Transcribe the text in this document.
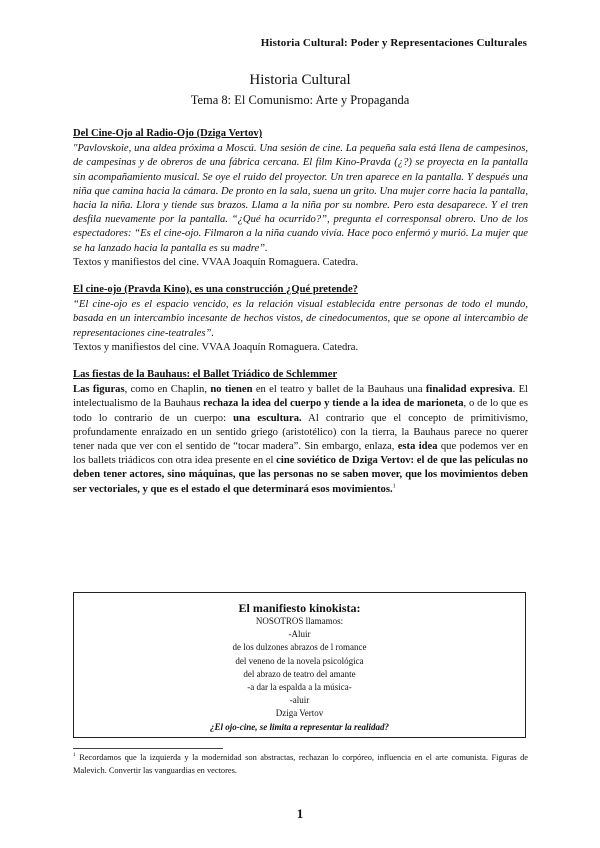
Historia Cultural: Poder y Representaciones Culturales
Historia Cultural
Tema 8: El Comunismo: Arte y Propaganda

Del Cine-Ojo al Radio-Ojo (Dziga Vertov)

"Pavlovskoie, una aldea próxima a Moscú. Una sesión de cine. La pequeña sala está llena de campesinos, de campesinas y de obreros de una fábrica cercana. El film Kino-Pravda (¿?) se proyecta en la pantalla sin acompañamiento musical. Se oye el ruido del proyector. Un tren aparece en la pantalla. Y después una niña que camina hacia la cámara. De pronto en la sala, suena un grito. Una mujer corre hacia la pantalla, hacia la niña. Llora y tiende sus brazos. Llama a la niña por su nombre. Pero esta desaparece. Y el tren desfila nuevamente por la pantalla. “¿Qué ha ocurrido?”, pregunta el corresponsal obrero. Uno de los espectadores: “Es el cine-ojo. Filmaron a la niña cuando vivía. Hace poco enfermó y murió. La mujer que se ha lanzado hacia la pantalla es su madre”.

Textos y manifiestos del cine. VVAA Joaquín Romaguera. Catedra.

El cine-ojo (Pravda Kino), es una construcción ¿Qué pretende?

“El cine-ojo es el espacio vencido, es la relación visual establecida entre personas de todo el mundo, basada en un intercambio incesante de hechos vistos, de cinedocumentos, que se opone al intercambio de representaciones cine-teatrales”.

Textos y manifiestos del cine. VVAA Joaquín Romaguera. Catedra.

Las fiestas de la Bauhaus: el Ballet Triádico de Schlemmer

Las figuras, como en Chaplin, no tienen en el teatro y ballet de la Bauhaus una finalidad expresiva. El intelectualismo de la Bauhaus rechaza la idea del cuerpo y tiende a la idea de marioneta, o de lo que es todo lo contrario de un cuerpo: una escultura. Al contrario que el concepto de primitivismo, profundamente enraizado en un sentido griego (aristotélico) con la tierra, la Bauhaus parece no querer tener nada que ver con el sentido de “tocar madera”. Sin embargo, enlaza, esta idea que podemos ver en los ballets triádicos con otra idea presente en el cine soviético de Dziga Vertov: el de que las películas no deben tener actores, sino máquinas, que las personas no se saben mover, que los movimientos deben ser vectoriales, y que es el estado el que determinará esos movimientos.$^1$

El manifiesto kinokista:
NOSOTROS llamamos:
-Aluir
de los dulzones abrazos de l romance
del veneno de la novela psicológica
del abrazo de teatro del amante
-a dar la espalda a la música-
-aluir
Dziga Vertov
¿El ojo-cine, se limita a representar la realidad?
$^1$ Recordamos que la izquierda y la modernidad son abstractas, rechazan lo corpóreo, influencia en el arte comunista. Figuras de Malevich. Convertir las vanguardias en vectores.
1
